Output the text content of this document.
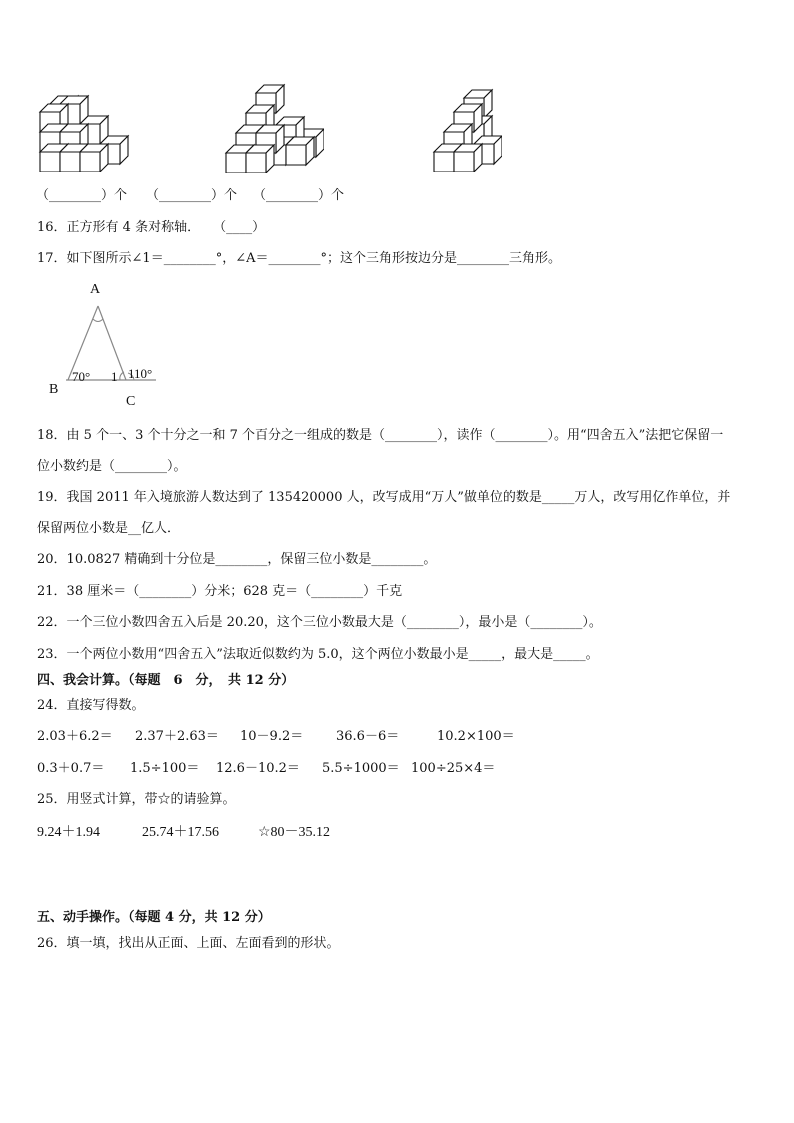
（________）个 （________）个 （________）个
16．正方形有 4 条对称轴．　　（____）
17．如下图所示∠1＝________°，∠A＝________°；这个三角形按边分是________三角形。
A
B
C
70° 1 110°
18．由 5 个一、3 个十分之一和 7 个百分之一组成的数是（________），读作（________）。用“四舍五入”法把它保留一
位小数约是（________）。
19．我国 2011 年入境旅游人数达到了 135420000 人，改写成用“万人”做单位的数是_____万人，改写用亿作单位，并
保留两位小数是__亿人．
20．10.0827 精确到十分位是________，保留三位小数是________。
21．38 厘米＝（________）分米；628 克＝（________）千克
22．一个三位小数四舍五入后是 20.20，这个三位小数最大是（________），最小是（________）。
23．一个两位小数用“四舍五入”法取近似数约为 5.0，这个两位小数最小是_____，最大是_____。
四、我会计算。（每题　6　分，　共 12 分）
24．直接写得数。
2.03＋6.2＝ 2.37＋2.63＝ 10－9.2＝	36.6－6＝	10.2×100＝
0.3＋0.7＝ 1.5÷100＝ 12.6－10.2＝ 5.5÷1000＝ 100÷25×4＝
25．用竖式计算，带☆的请验算。
9.24＋1.94	25.74＋17.56	☆80－35.12
五、动手操作。（每题 4 分，共 12 分）
26．填一填，找出从正面、上面、左面看到的形状。
